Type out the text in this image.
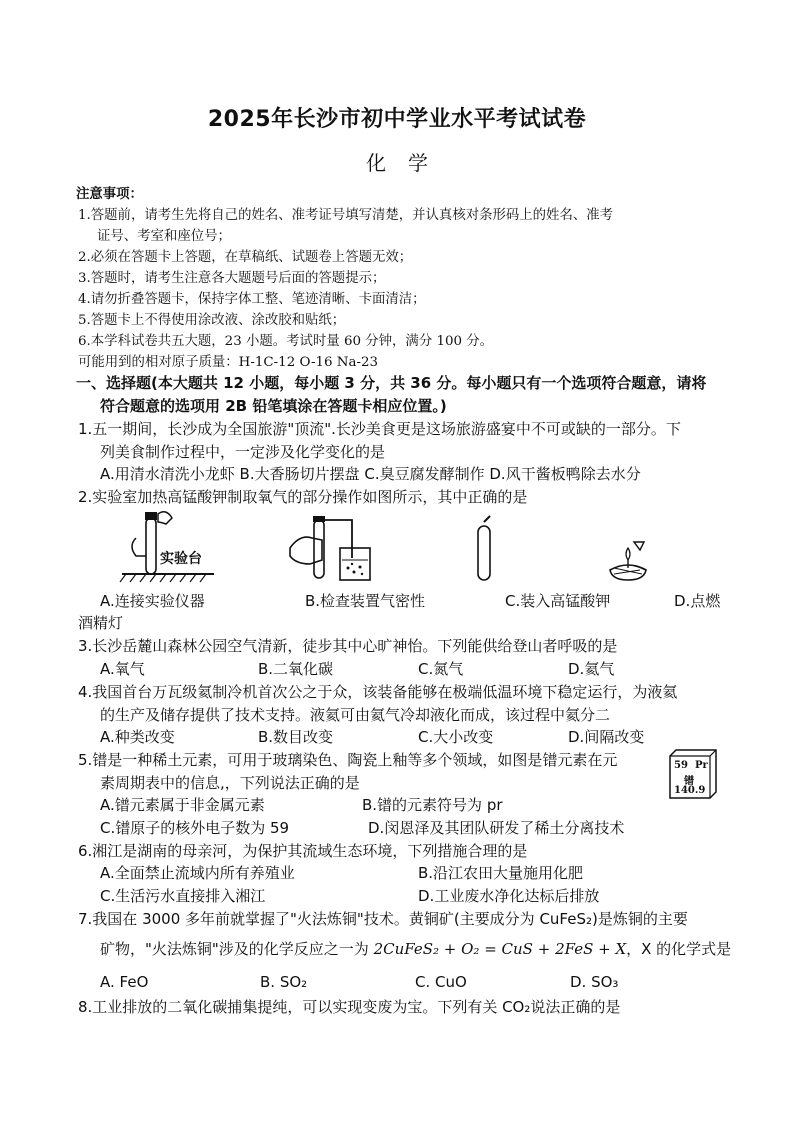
2025年长沙市初中学业水平考试试卷
化学
注意事项：
1.答题前，请考生先将自己的姓名、准考证号填写清楚，并认真核对条形码上的姓名、准考
证号、考室和座位号；
2.必须在答题卡上答题，在草稿纸、试题卷上答题无效；
3.答题时，请考生注意各大题题号后面的答题提示；
4.请勿折叠答题卡，保持字体工整、笔迹清晰、卡面清洁；
5.答题卡上不得使用涂改液、涂改胶和贴纸；
6.本学科试卷共五大题，23 小题。考试时量 60 分钟，满分 100 分。
可能用到的相对原子质量：H-1C-12 O-16 Na-23
一、选择题(本大题共 12 小题，每小题 3 分，共 36 分。每小题只有一个选项符合题意，请将
符合题意的选项用 2B 铅笔填涂在答题卡相应位置。)
1.五一期间，长沙成为全国旅游"顶流".长沙美食更是这场旅游盛宴中不可或缺的一部分。下
列美食制作过程中，一定涉及化学变化的是
A.用清水清洗小龙虾 B.大香肠切片摆盘 C.臭豆腐发酵制作 D.风干酱板鸭除去水分
2.实验室加热高锰酸钾制取氧气的部分操作如图所示，其中正确的是
实验台
A.连接实验仪器	B.检查装置气密性	C.装入高锰酸钾	D.点燃
酒精灯
3.长沙岳麓山森林公园空气清新，徒步其中心旷神怡。下列能供给登山者呼吸的是
A.氧气	B.二氧化碳	C.氮气	D.氦气
4.我国首台万瓦级氦制冷机首次公之于众，该装备能够在极端低温环境下稳定运行，为液氦
的生产及储存提供了技术支持。液氦可由氦气冷却液化而成，该过程中氦分二
A.种类改变	B.数目改变	C.大小改变	D.间隔改变
5.镨是一种稀土元素，可用于玻璃染色、陶瓷上釉等多个领域，如图是镨元素在元
素周期表中的信息,，下列说法正确的是
A.镨元素属于非金属元素	B.镨的元素符号为 pr
C.镨原子的核外电子数为 59	D.闵恩泽及其团队研发了稀土分离技术
59 Pr
镨
140.9
6.湘江是湖南的母亲河，为保护其流域生态环境，下列措施合理的是
A.全面禁止流域内所有养殖业	B.沿江农田大量施用化肥
C.生活污水直接排入湘江	D.工业废水净化达标后排放
7.我国在 3000 多年前就掌握了"火法炼铜"技术。黄铜矿(主要成分为 CuFeS₂)是炼铜的主要
矿物，"火法炼铜"涉及的化学反应之一为 2CuFeS₂ + O₂ = CuS + 2FeS + X，X 的化学式是
A. FeO	B. SO₂	C. CuO	D. SO₃
8.工业排放的二氧化碳捕集提纯，可以实现变废为宝。下列有关 CO₂说法正确的是
